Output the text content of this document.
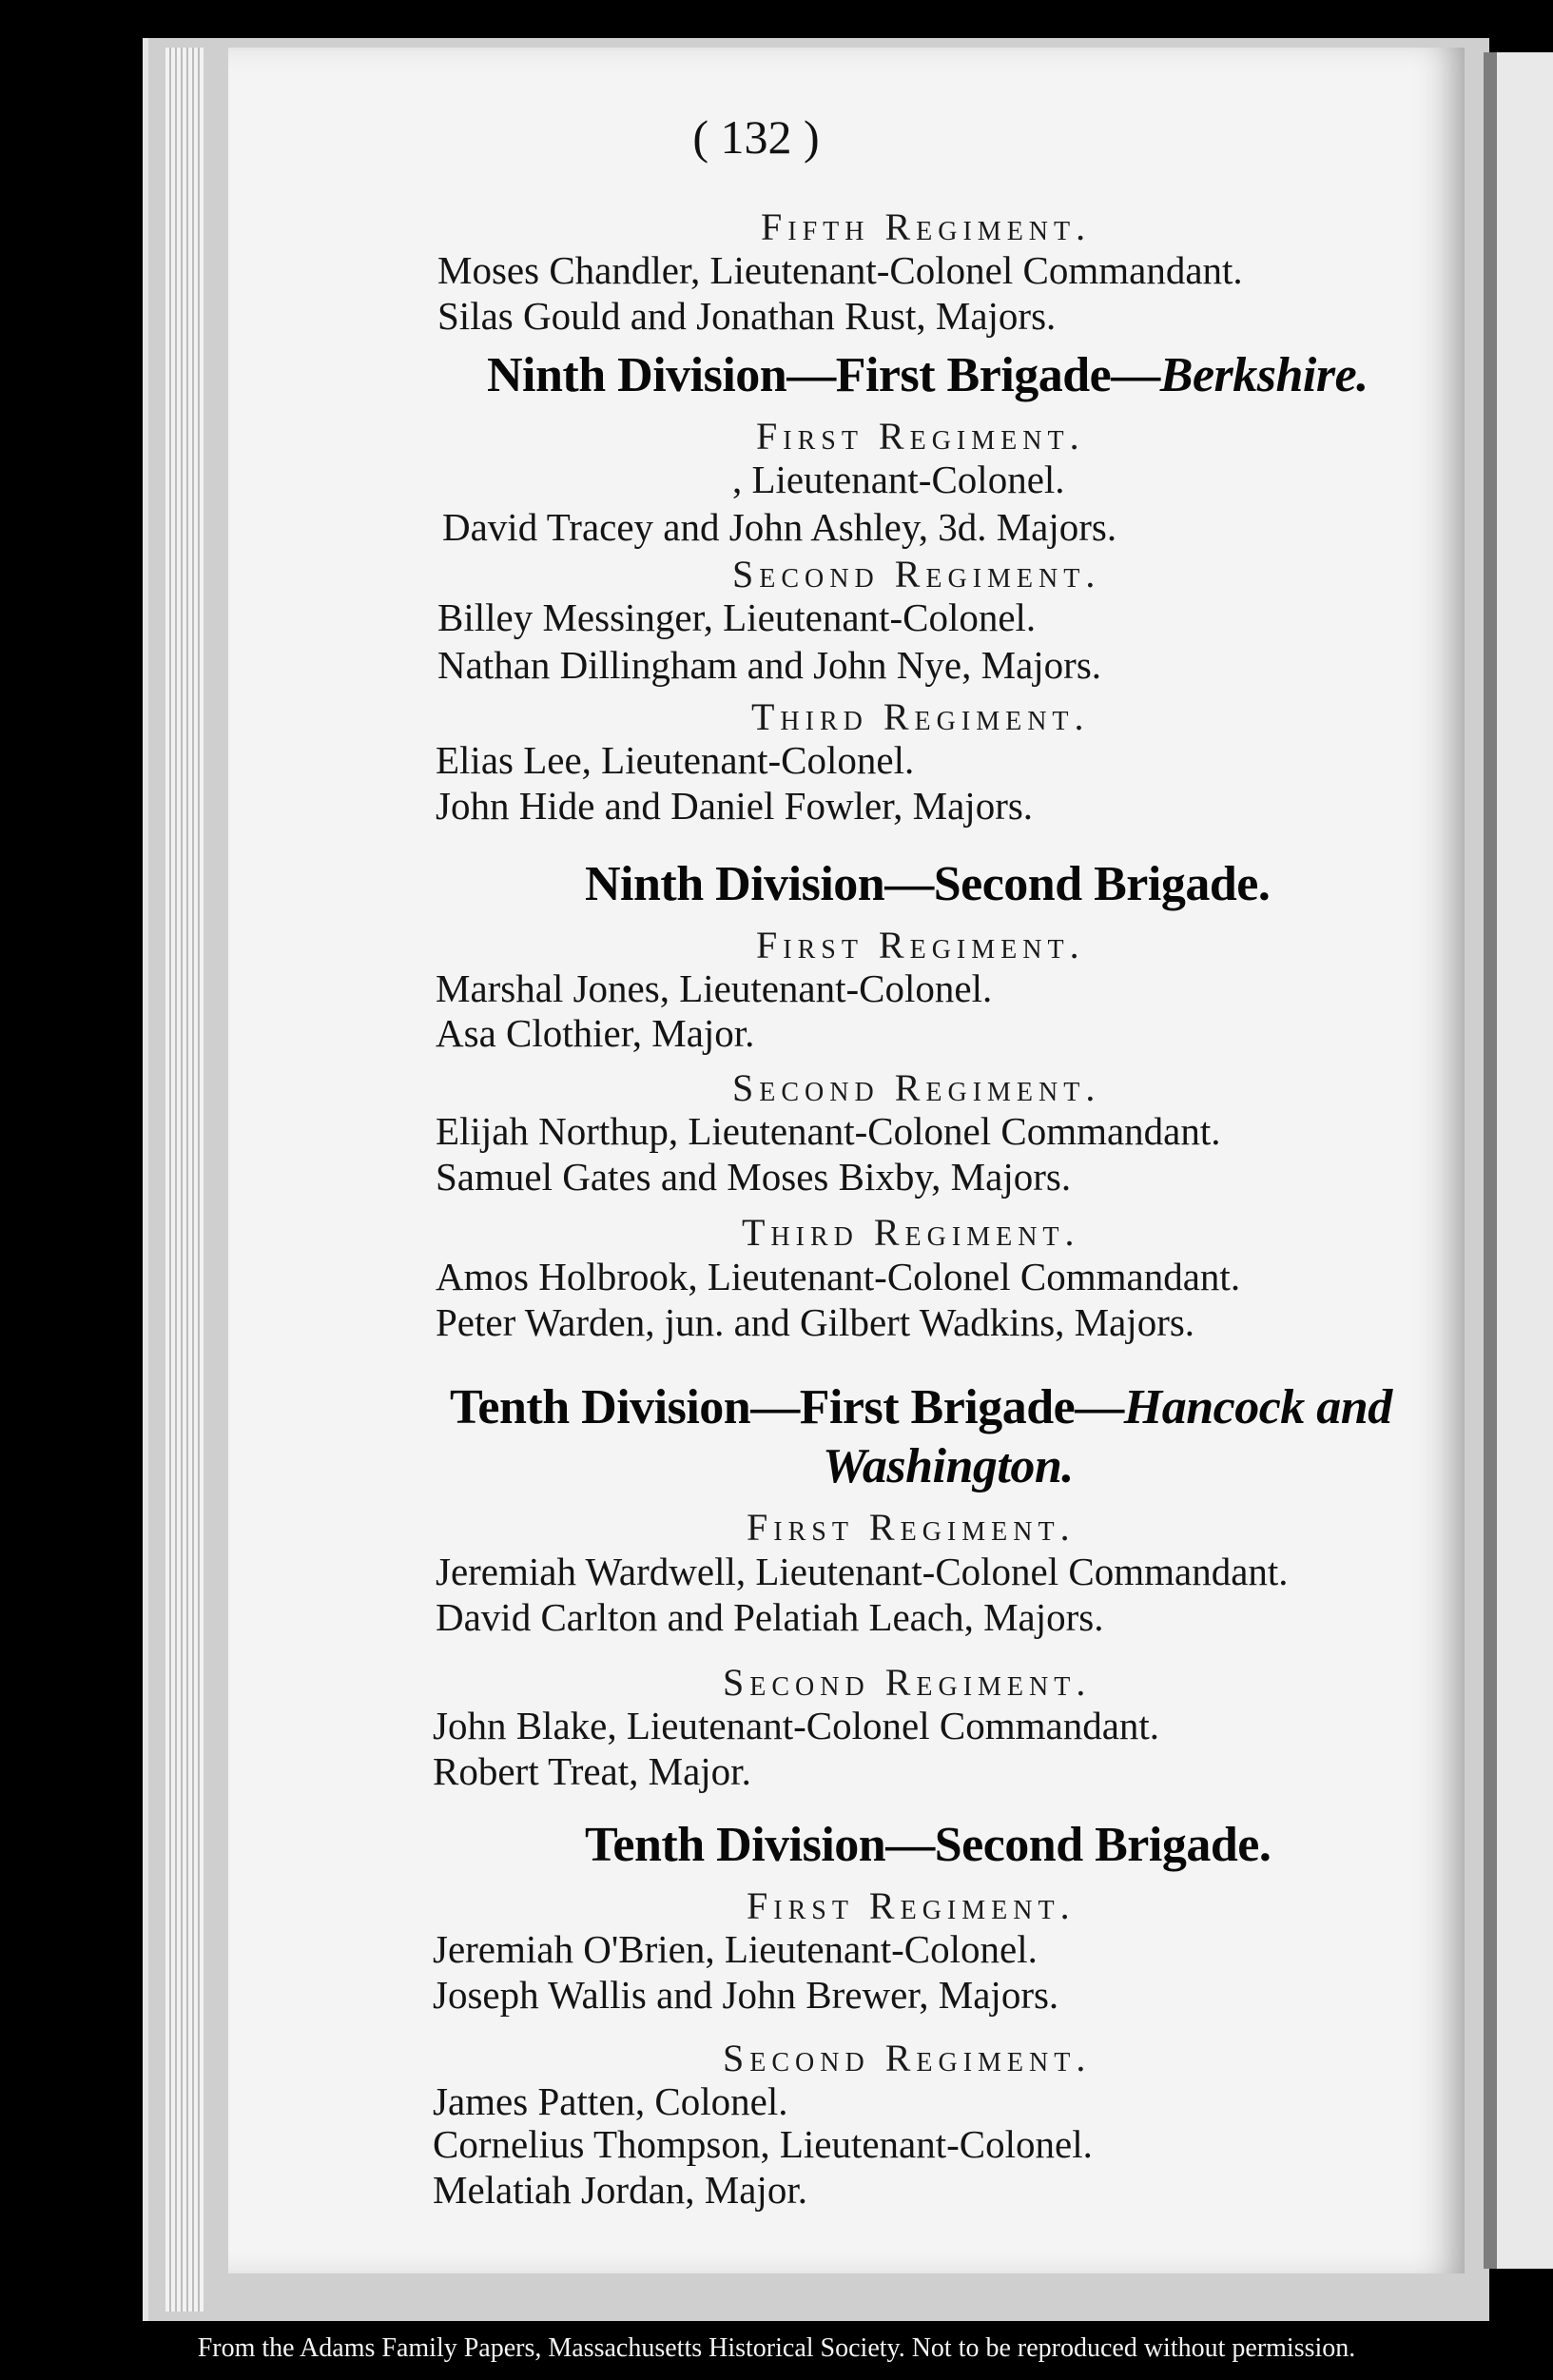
( 132 )
Fifth Regiment.
Moses Chandler, Lieutenant-Colonel Commandant.
Silas Gould and Jonathan Rust, Majors.
Ninth Division—First Brigade—Berkshire.
First Regiment.
, Lieutenant-Colonel.
David Tracey and John Ashley, 3d. Majors.
Second Regiment.
Billey Messinger, Lieutenant-Colonel.
Nathan Dillingham and John Nye, Majors.
Third Regiment.
Elias Lee, Lieutenant-Colonel.
John Hide and Daniel Fowler, Majors.
Ninth Division—Second Brigade.
First Regiment.
Marshal Jones, Lieutenant-Colonel.
Asa Clothier, Major.
Second Regiment.
Elijah Northup, Lieutenant-Colonel Commandant.
Samuel Gates and Moses Bixby, Majors.
Third Regiment.
Amos Holbrook, Lieutenant-Colonel Commandant.
Peter Warden, jun. and Gilbert Wadkins, Majors.
Tenth Division—First Brigade—Hancock and
Washington.
First Regiment.
Jeremiah Wardwell, Lieutenant-Colonel Commandant.
David Carlton and Pelatiah Leach, Majors.
Second Regiment.
John Blake, Lieutenant-Colonel Commandant.
Robert Treat, Major.
Tenth Division—Second Brigade.
First Regiment.
Jeremiah O'Brien, Lieutenant-Colonel.
Joseph Wallis and John Brewer, Majors.
Second Regiment.
James Patten, Colonel.
Cornelius Thompson, Lieutenant-Colonel.
Melatiah Jordan, Major.
From the Adams Family Papers, Massachusetts Historical Society. Not to be reproduced without permission.
